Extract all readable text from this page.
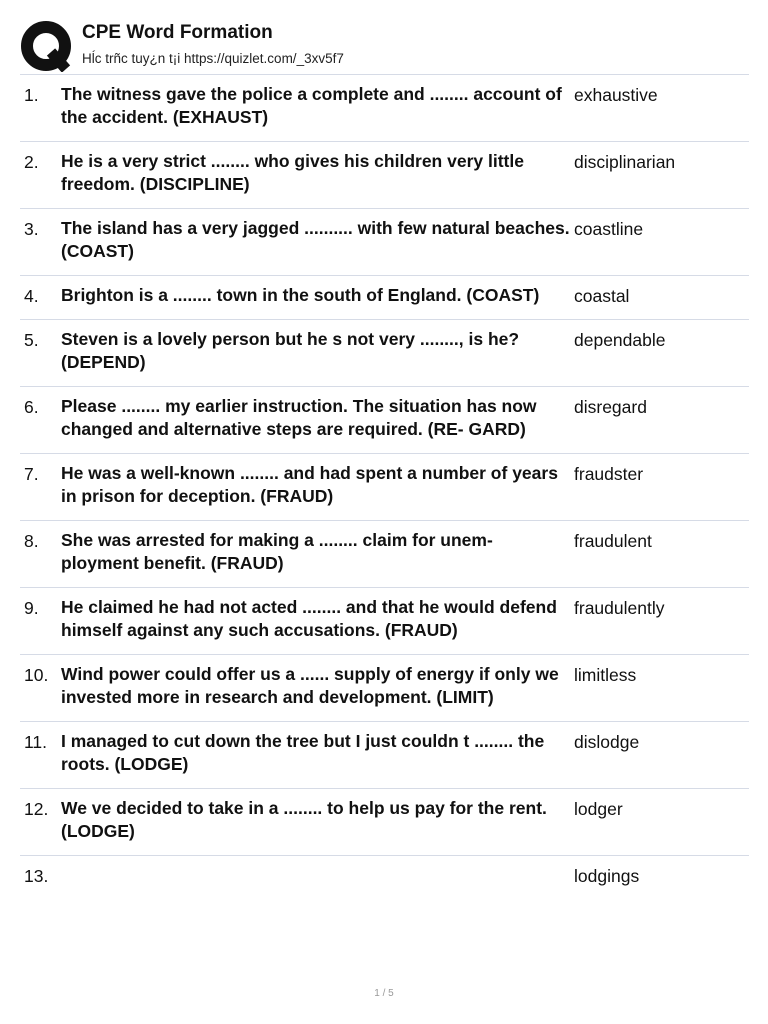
CPE Word Formation
Hĺc trñc tuy¿n t¡i https://quizlet.com/_3xv5f7
1. The witness gave the police a complete and ........ account of the accident. (EXHAUST)
exhaustive
2. He is a very strict ........ who gives his children very little freedom. (DISCIPLINE)
disciplinarian
3. The island has a very jagged .......... with few natural beaches. (COAST)
coastline
4. Brighton is a ........ town in the south of England. (COAST)	coastal
5. Steven is a lovely person but he s not very ........, is he? (DEPEND)
dependable
6. Please ........ my earlier instruction. The situation has now changed and alternative steps are required. (RE- GARD)
disregard
7. He was a well-known ........ and had spent a number of years in prison for deception. (FRAUD)
fraudster
8. She was arrested for making a ........ claim for unem- ployment benefit. (FRAUD)
fraudulent
9. He claimed he had not acted ........ and that he would defend himself against any such accusations. (FRAUD)
fraudulently
10. Wind power could offer us a ...... supply of energy if only we invested more in research and development. (LIMIT)
limitless
11. I managed to cut down the tree but I just couldn t ........ the roots. (LODGE)
dislodge
12. We ve decided to take in a ........ to help us pay for the rent. (LODGE)
lodger
13.	lodgings
1 / 5
